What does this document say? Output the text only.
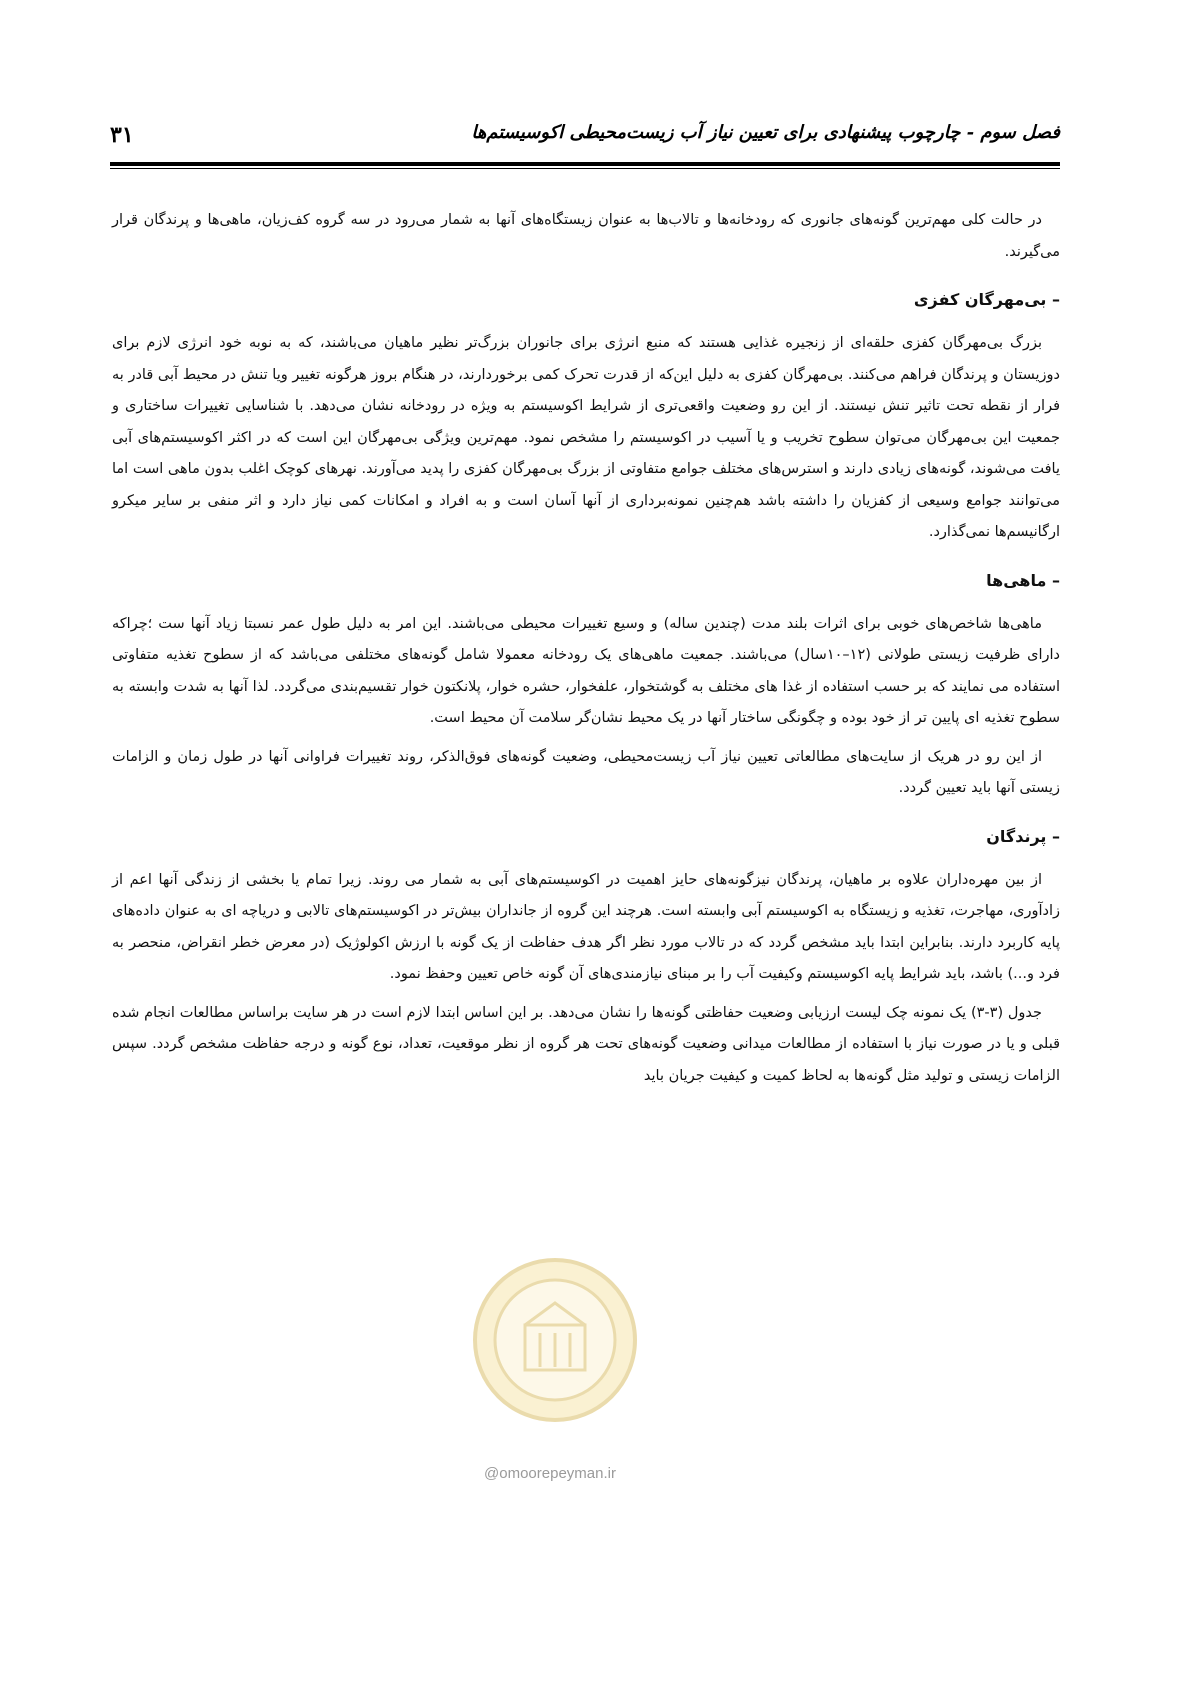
فصل سوم - چارچوب پیشنهادی برای تعیین نیاز آب زیست‌محیطی اکوسیستم‌ها
۳۱

در حالت کلی مهم‌ترین گونه‌های جانوری که رودخانه‌ها و تالاب‌ها به عنوان زیستگاه‌های آنها به شمار می‌رود در سه گروه کف‌زیان، ماهی‌ها و پرندگان قرار می‌گیرند.

– بی‌مهرگان کفزی

بزرگ بی‌مهرگان کفزی حلقه‌ای از زنجیره غذایی هستند که منبع انرژی برای جانوران بزرگ‌تر نظیر ماهیان می‌باشند، که به نوبه خود انرژی لازم برای دوزیستان و پرندگان فراهم می‌کنند. بی‌مهرگان کفزی به دلیل این‌که از قدرت تحرک کمی برخوردارند، در هنگام بروز هرگونه تغییر ویا تنش در محیط آبی قادر به فرار از نقطه تحت تاثیر تنش نیستند. از این رو وضعیت واقعی‌تری از شرایط اکوسیستم به ویژه در رودخانه نشان می‌دهد. با شناسایی تغییرات ساختاری و جمعیت این بی‌مهرگان می‌توان سطوح تخریب و یا آسیب در اکوسیستم را مشخص نمود. مهم‌ترین ویژگی بی‌مهرگان این است که در اکثر اکوسیستم‌های آبی یافت می‌شوند، گونه‌های زیادی دارند و استرس‌های مختلف جوامع متفاوتی از بزرگ بی‌مهرگان کفزی را پدید می‌آورند. نهرهای کوچک اغلب بدون ماهی است اما می‌توانند جوامع وسیعی از کفزیان را داشته باشد هم‌چنین نمونه‌برداری از آنها آسان است و به افراد و امکانات کمی نیاز دارد و اثر منفی بر سایر میکرو ارگانیسم‌ها نمی‌گذارد.

– ماهی‌ها

ماهی‌ها شاخص‌های خوبی برای اثرات بلند مدت (چندین ساله) و وسیع تغییرات محیطی می‌باشند. این امر به دلیل طول عمر نسبتا زیاد آنها ست ؛چراکه دارای ظرفیت زیستی طولانی (۱۲–۱۰سال) می‌باشند. جمعیت ماهی‌های یک رودخانه معمولا شامل گونه‌های مختلفی می‌باشد که از سطوح تغذیه متفاوتی استفاده می نمایند که بر حسب استفاده از غذا های مختلف به گوشتخوار، علفخوار، حشره خوار، پلانکتون خوار تقسیم‌بندی می‌گردد. لذا آنها به شدت وابسته به سطوح تغذیه ای پایین تر از خود بوده و چگونگی ساختار آنها در یک محیط نشان‌گر سلامت آن محیط است.

از این رو در هریک از سایت‌های مطالعاتی تعیین نیاز آب زیست‌محیطی، وضعیت گونه‌های فوق‌الذکر، روند تغییرات فراوانی آنها در طول زمان و الزامات زیستی آنها باید تعیین گردد.

– پرندگان

از بین مهره‌داران علاوه بر ماهیان، پرندگان نیزگونه‌های حایز اهمیت در اکوسیستم‌های آبی به شمار می روند. زیرا تمام یا بخشی از زندگی آنها اعم از زادآوری، مهاجرت، تغذیه و زیستگاه به اکوسیستم آبی وابسته است. هرچند این گروه از جانداران بیش‌تر در اکوسیستم‌های تالابی و دریاچه ای به عنوان داده‌های پایه کاربرد دارند. بنابراین ابتدا باید مشخص گردد که در تالاب مورد نظر اگر هدف حفاظت از یک گونه با ارزش اکولوژیک (در معرض خطر انقراض، منحصر به فرد و...) باشد، باید شرایط پایه اکوسیستم وکیفیت آب را بر مبنای نیازمندی‌های آن گونه خاص تعیین وحفظ نمود.

جدول (۳-۳) یک نمونه چک لیست ارزیابی وضعیت حفاظتی گونه‌ها را نشان می‌دهد. بر این اساس ابتدا لازم است در هر سایت براساس مطالعات انجام شده قبلی و یا در صورت نیاز با استفاده از مطالعات میدانی وضعیت گونه‌های تحت هر گروه از نظر موقعیت، تعداد، نوع گونه و درجه حفاظت مشخص گردد. سپس الزامات زیستی و تولید مثل گونه‌ها به لحاظ کمیت و کیفیت جریان باید

@omoorepeyman.ir
